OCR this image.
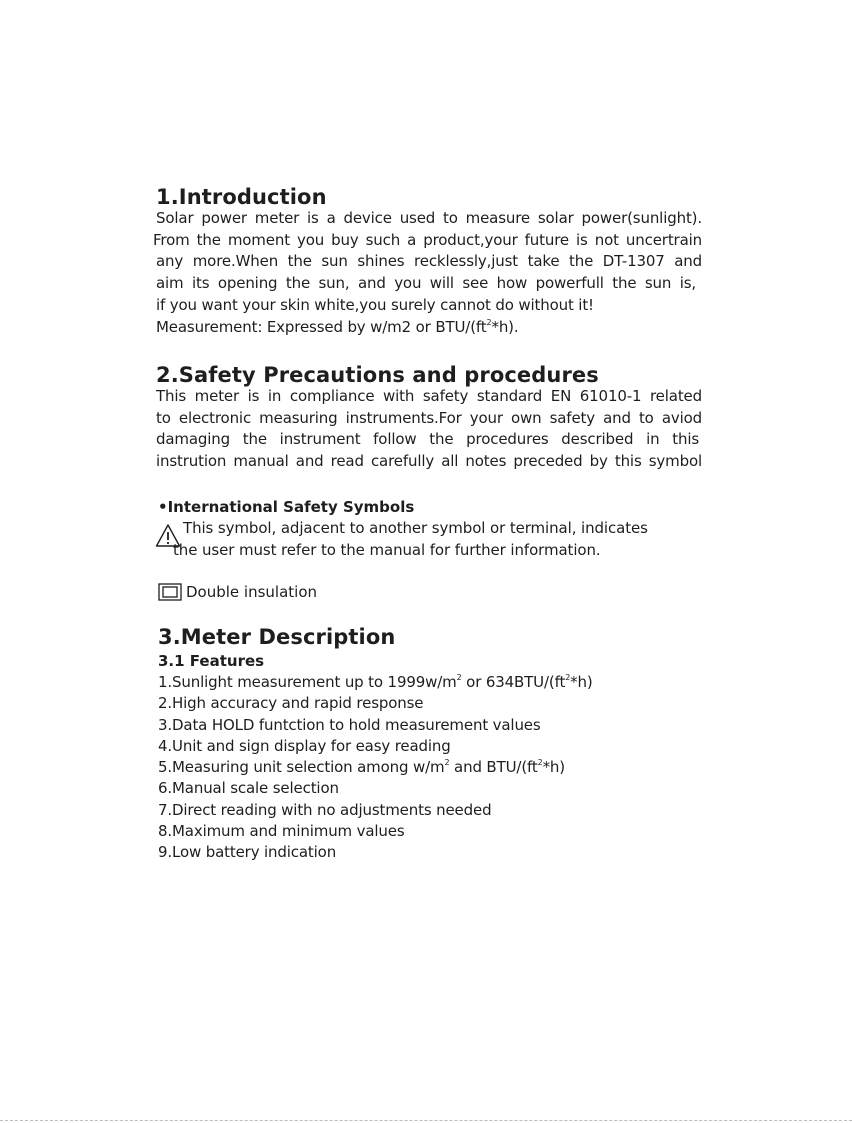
1.Introduction
Solar power meter is a device used to measure solar power(sunlight).
From the moment you buy such a product,your future is not uncertrain
any more.When the sun shines recklessly,just take the DT-1307 and
aim its opening the sun, and you will see how powerfull the sun is,
if you want your skin white,you surely cannot do without it!
Measurement: Expressed by w/m2 or BTU/$(ft^2*h)$.
2.Safety Precautions and procedures
This meter is in compliance with safety standard EN 61010-1 related
to electronic measuring instruments.For your own safety and to aviod
damaging the instrument follow the procedures described in this
instrution manual and read carefully all notes preceded by this symbol
•International Safety Symbols
This symbol, adjacent to another symbol or terminal, indicates
the user must refer to the manual for further information.
Double insulation
3.Meter Description
3.1 Features
1.Sunlight measurement up to $1999w/m^2$ or $634BTU/(ft^2*h)$
2.High accuracy and rapid response
3.Data HOLD funtction to hold measurement values
4.Unit and sign display for easy reading
5.Measuring unit selection among $w/m^2$ and BTU/$(ft^2*h)$
6.Manual scale selection
7.Direct reading with no adjustments needed
8.Maximum and minimum values
9.Low battery indication
